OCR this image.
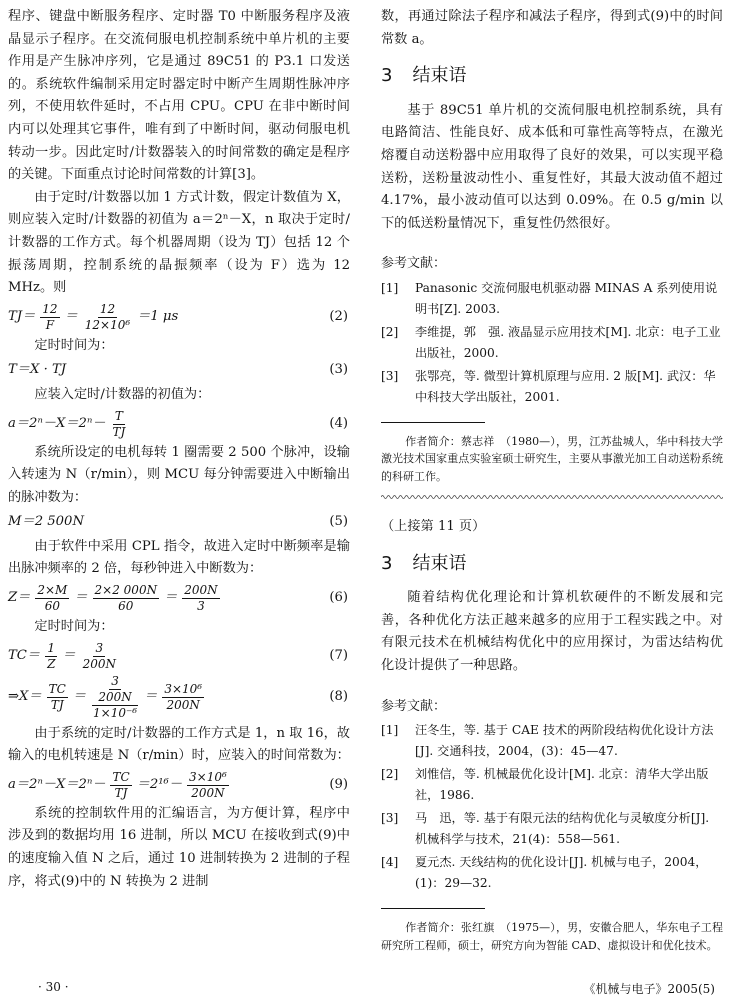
程序、键盘中断服务程序、定时器 T0 中断服务程序及液晶显示子程序。在交流伺服电机控制系统中单片机的主要作用是产生脉冲序列，它是通过 89C51 的 P3.1 口发送的。系统软件编制采用定时器定时中断产生周期性脉冲序列，不使用软件延时，不占用 CPU。CPU 在非中断时间内可以处理其它事件，唯有到了中断时间，驱动伺服电机转动一步。因此定时/计数器装入的时间常数的确定是程序的关键。下面重点讨论时间常数的计算[3]。

由于定时/计数器以加 1 方式计数，假定计数值为 X，则应装入定时/计数器的初值为 a＝2ⁿ－X，n 取决于定时/计数器的工作方式。每个机器周期（设为 TJ）包括 12 个振荡周期，控制系统的晶振频率（设为 F）选为 12 MHz。则

$TJ= \frac{12}{F} = \frac{12}{\text{12×10⁶}} =1$ μs	(2)

定时时间为：

T＝X · TJ	(3)

应装入定时/计数器的初值为：

$a=2^n-X=2^n- \frac{T}{TJ}$	(4)

系统所设定的电机每转 1 圈需要 2 500 个脉冲，设输入转速为 N（r/min），则 MCU 每分钟需要进入中断输出的脉冲数为：

M＝2 500N	(5)

由于软件中采用 CPL 指令，故进入定时中断频率是输出脉冲频率的 2 倍，每秒钟进入中断数为：

$Z= \frac{2\times M}{60} = \frac{2\times 2 000N}{60} = \frac{200N}{3}$	(6)

定时时间为：

$TC= \frac{1}{Z} = \frac{3}{200N}$	(7)
⇒X＝ $\frac{TC}{TJ} = \frac{\frac{3}{200N}}{\text{1×10⁻⁶}} = \frac{\text{3×10⁶}}{200N}$	(8)

由于系统的定时/计数器的工作方式是 1，n 取 16，故输入的电机转速是 N（r/min）时，应装入的时间常数为：

$a=2^n-X=2^n- \frac{TC}{TJ} =2^{16}- \frac{\text{3×10⁶}}{200N}$	(9)

系统的控制软件用的汇编语言，为方便计算，程序中涉及到的数据均用 16 进制，所以 MCU 在接收到式(9)中的速度输入值 N 之后，通过 10 进制转换为 2 进制的子程序，将式(9)中的 N 转换为 2 进制

数，再通过除法子程序和减法子程序，得到式(9)中的时间常数 a。

3 结束语

基于 89C51 单片机的交流伺服电机控制系统，具有电路简洁、性能良好、成本低和可靠性高等特点，在激光熔覆自动送粉器中应用取得了良好的效果，可以实现平稳送粉，送粉量波动性小、重复性好，其最大波动值不超过 4.17%，最小波动值可以达到 0.09%。在 0.5 g/min 以下的低送粉量情况下，重复性仍然很好。

参考文献：
[1]	Panasonic 交流伺服电机驱动器 MINAS A 系列使用说明书[Z]. 2003.
[2]	李维提，郭　强. 液晶显示应用技术[M]. 北京：电子工业出版社，2000.
[3]	张鄂亮，等. 微型计算机原理与应用. 2 版[M]. 武汉：华中科技大学出版社，2001.

作者简介：蔡志祥　（1980—），男，江苏盐城人，华中科技大学激光技术国家重点实验室硕士研究生，主要从事激光加工自动送粉系统的科研工作。

（上接第 11 页）

3 结束语

随着结构优化理论和计算机软硬件的不断发展和完善，各种优化方法正越来越多的应用于工程实践之中。对有限元技术在机械结构优化中的应用探讨，为雷达结构优化设计提供了一种思路。

参考文献：
[1]	汪冬生，等. 基于 CAE 技术的两阶段结构优化设计方法[J]. 交通科技，2004，(3)：45—47.
[2]	刘惟信，等. 机械最优化设计[M]. 北京：清华大学出版社，1986.
[3]	马　迅，等. 基于有限元法的结构优化与灵敏度分析[J]. 机械科学与技术，21(4)：558—561.
[4]	夏元杰. 天线结构的优化设计[J]. 机械与电子，2004，(1)：29—32.

作者简介：张红旗　（1975—），男，安徽合肥人，华东电子工程研究所工程师，硕士，研究方向为智能 CAD、虚拟设计和优化技术。

· 30 ·	《机械与电子》2005(5)
